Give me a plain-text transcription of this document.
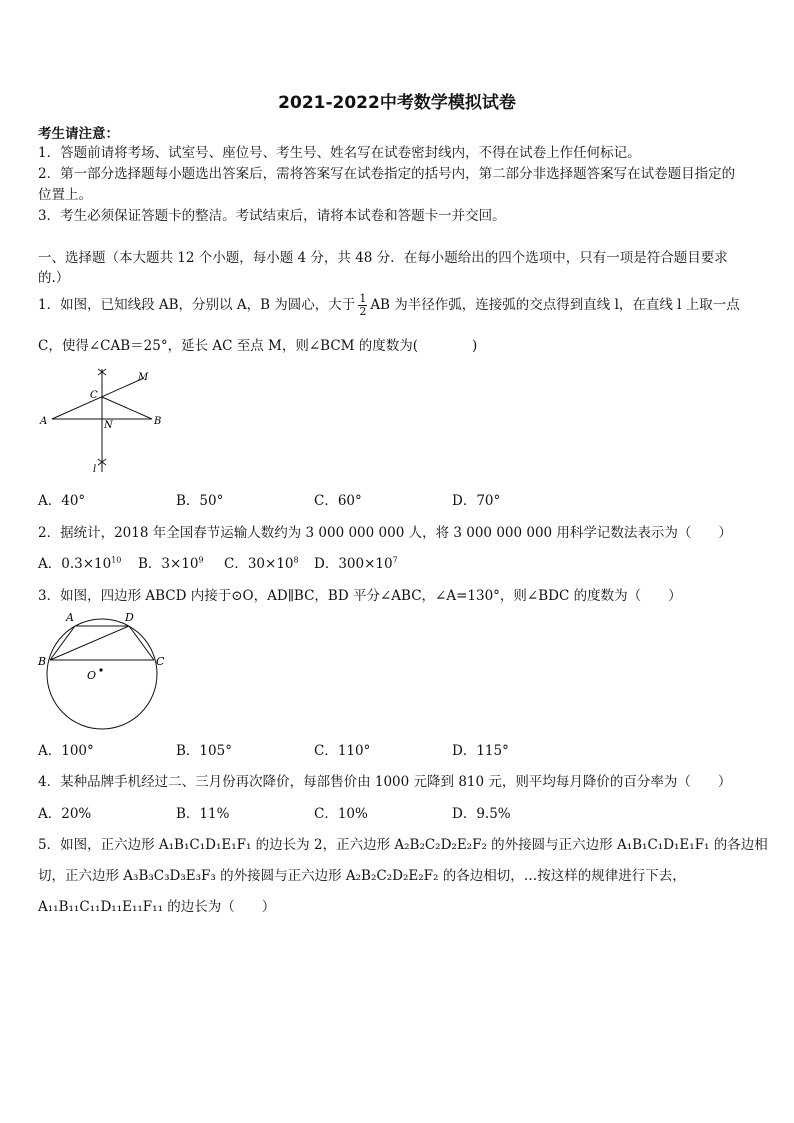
2021-2022中考数学模拟试卷
考生请注意：
1．答题前请将考场、试室号、座位号、考生号、姓名写在试卷密封线内，不得在试卷上作任何标记。
2．第一部分选择题每小题选出答案后，需将答案写在试卷指定的括号内，第二部分非选择题答案写在试卷题目指定的
位置上。
3．考生必须保证答题卡的整洁。考试结束后，请将本试卷和答题卡一并交回。
一、选择题（本大题共 12 个小题，每小题 4 分，共 48 分．在每小题给出的四个选项中，只有一项是符合题目要求
的.）
1．如图，已知线段 AB，分别以 A，B 为圆心，大于 $\frac{1}{2}$ AB 为半径作弧，连接弧的交点得到直线 l，在直线 l 上取一点
C，使得∠CAB＝25°，延长 AC 至点 M，则∠BCM 的度数为(　　　　)
A	B
C
M
N
l
A．40°	B．50°	C．60°	D．70°
2．据统计，2018 年全国春节运输人数约为 3 000 000 000 人，将 3 000 000 000 用科学记数法表示为（　　）
A．$0.3\times 10^{10}$ B．$3\times 10^9$ C．$30\times 10^8$ D．$300\times 10^7$
3．如图，四边形 ABCD 内接于⊙O，AD∥BC，BD 平分∠ABC，∠A=130°，则∠BDC 的度数为（　　）
A	D
B	C
O
A．100°	B．105°	C．110°	D．115°
4．某种品牌手机经过二、三月份再次降价，每部售价由 1000 元降到 810 元，则平均每月降价的百分率为（　　）
A．20%	B．11%	C．10%	D．9.5%
5．如图，正六边形 A₁B₁C₁D₁E₁F₁ 的边长为 2，正六边形 A₂B₂C₂D₂E₂F₂ 的外接圆与正六边形 A₁B₁C₁D₁E₁F₁ 的各边相
切，正六边形 A₃B₃C₃D₃E₃F₃ 的外接圆与正六边形 A₂B₂C₂D₂E₂F₂ 的各边相切，…按这样的规律进行下去，
A₁₁B₁₁C₁₁D₁₁E₁₁F₁₁ 的边长为（　　）
